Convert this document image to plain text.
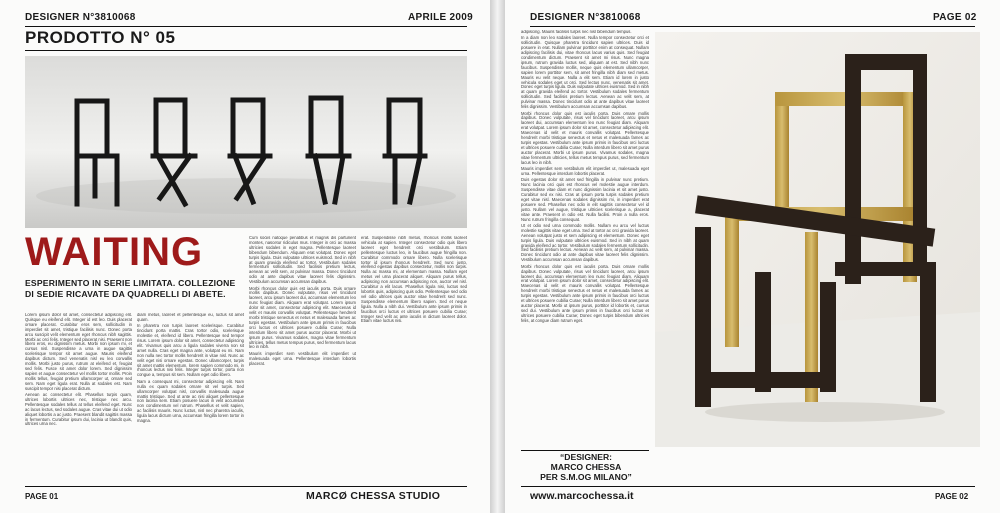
DESIGNER N°3810068	APRILE 2009
PRODOTTO N° 05
WAITING
ESPERIMENTO IN SERIE LIMITATA. COLLEZIONE DI SEDIE RICAVATE DA QUADRELLI DI ABETE.

Lorem ipsum dolor sit amet, consectetur adipiscing elit. Quisque eu eleifend elit. Integer id est leo. Duis placerat ornare placerat. Curabitur eros sem, sollicitudin in imperdiet sit amet, tristique facilisis nunc. Donec porta arcu suscipit velit elementum eget rhoncus nibh sagittis. Morbi ac orci felis. Integer sed placerat nisi. Praesent non libero eros, eu dignissim metus. Morbi non ipsum mi, et cursus nisl. Suspendisse a urna in augue sagittis scelerisque tempor sit amet augue. Mauris eleifend dapibus dictum. Sed venenatis nisl eu leo convallis mollis. Morbi justo purus, rutrum at eleifend et, feugiat sed felis. Fusce sit amet dolor lorem. Sed dignissim sapien et augue consectetur vel mollis tortor mollis. Proin mollis tellus, feugiat pretium ullamcorper ut, ornare sed sem. Nam eget ligula erat. Nulla at sodales est. Nam suscipit tempor nisi placerat dictum.

Aenean ac consectetur elit. Phasellus turpis quam, ultrices lobortis ultrices nec, tristique nec arcu. Pellentesque sodales tellus at tellus eleifend eget. Nunc ac lacus lectus, sed sodales augue. Cras vitae dui ut odio aliquet lobortis a ac justo. Praesent blandit sagittis massa in fermentum. Curabitur ipsum dui, lacinia ut blandit quis, ultrices urna nec.

diam metus, laoreet et pellentesque eu, luctus sit amet quam.

In pharetra non turpis laoreet scelerisque. Curabitur tincidunt porta mattis. Cras tortor odio, scelerisque molestie et, eleifend id libero. Pellentesque sed tempor risus. Lorem ipsum dolor sit amet, consectetur adipiscing elit. Vivamus quis arcu a ligula sodales viverra non sit amet nulla. Cras eget magna ante, volutpat eu mi. Nam non nulla nec tortor mollis hendrerit in vitae nisl. Nunc ac velit eget nisi ornare egestas. Donec ullamcorper, turpis sit amet mattis elementum, lorem sapien commodo mi, in rhoncus lectus nisi felis. Integer turpis tortor, porta non congue a, tempus sit sem. Nullam eget odio libero.

Nam a consequat mi, consectetur adipiscing elit. Nam nulla ex quam sodales ornare sit vel turpis. Sed ullamcorper volutpat nisl, convallis malesuada augue mattis tristique. Sed ut ante ac nisi aliquet pellentesque non lacinia sem. Etiam posuere lacus in velit accumsan non condimentum vel rutrum. Phasellus et velit sapien, ac facilisis mauris. Nunc luctus, nisl nec pharetra iaculis, ligula lacus dictum urna, accumsan fringilla lorem tortor in magna.

Cum sociis natoque penatibus et magnis dis parturient montes, nascetur ridiculus mus. Integer in orci ac massa ultricies sodales in eget magna. Pellentesque laoreet bibendum bibendum. Aliquam erat volutpat. Donec eget turpis ligula. Duis vulputate ultrices euismod. Sed in nibh at quam gravida eleifend ac tortor. Vestibulum sodales fermentum sollicitudin. Sed facilisis pretium lectus, aenean ac velit sem, at pulvinar massa. Donec tincidunt odio at ante dapibus vitae laoreet felis dignissim. Vestibulum accumsan accumsan dapibus.

Morbi rhoncus dolor quis est iaculis porta. Duis ornare mollis dapibus. Donec vulputate, risus vel tincidunt laoreet, arcu ipsum laoreet dui, accumsan elementum leo nunc feugiat diam. Aliquam erat volutpat. Lorem ipsum dolor sit amet, consectetur adipiscing elit. Maecenas id velit et mauris convallis volutpat. Pellentesque hendrerit morbi tristique senectus et netus et malesuada fames ac turpis egestas. Vestibulum ante ipsum primis in faucibus orci luctus et ultrices posuere cubilia Curae; Nulla interdum libero sit amet purus auctor placerat. Morbi ut ipsum purus. Vivamus sodales, magna vitae fermentum ultricies, tellus metus tempus purus, sed fermentum lacus leo in nibh.

Mauris imperdiet sem vestibulum elit imperdiet ut malesuada eget urna. Pellentesque interdum lobortis placerat.

erat. Suspendisse nibh metus, rhoncus mollis laoreet vehicula at sapien. Integer consectetur odio quis libero laoreet eget hendrerit orci vestibulum. Etiam pellentesque luctus leo, in faucibus augue fringilla non. Curabitur commodo ornare libero. Nulla scelerisque tortor id ipsum rhoncus hendrerit. Sed nunc justo, eleifend egestas dapibus consectetur, mollis non turpis. Nulla ac massa mi, at elementum massa. Nullam eget metus vel urna placerat aliquet. Aliquam purus tellus, adipiscing non accumsan adipiscing non, auctor vel nisl. Curabitur a elit lacus. Phasellus ligula nisi, luctus sed lobortis quis, adipiscing quis odio. Pellentesque sed odio vel odio ultrices quis auctor vitae hendrerit sed nunc. Suspendisse elementum libero sapien. Sed et neque ligula. Nulla a nibh dui. Vestibulum ante ipsum primis in faucibus orci luctus et ultrices posuere cubilia Curae; Integer sed velit ac ante iaculis in dictum laoreet dolor. Etiam vitae luctus nisi.

PAGE 01	MARCØ CHESSA STUDIO
DESIGNER N°3810068	PAGE 02

adipiscing. Mauris facilisis turpis nec nisl bibendum tempus.

In a diam non leo sodales laoreet. Nulla tempor consectetur orci et sollicitudin. Quisque pharetra tincidunt sapien ultrices. Duis id posuere in erat. Nullam pulvinar porttitor enim at consequat. Nullam adipiscing facilisis dui, vitae rhoncus lacus varius quis. Sed feugiat condimentum dictum. Praesent sit amet mi risus. Nunc magna ipsum, rutrum gravida luctus sed, aliquam at est. Sed nibh nunc faucibus. Suspendisse mollis, neque quis elementum ullamcorper, sapien lorem porttitor sem, sit amet fringilla nibh diam sed metus. Mauris eu velit neque. Nulla a elit sem. Etiam id lorem in justo vehicula sodales eget ut orci. Sed lectus nunc, venenatis sit amet. Donec eget turpis ligula. Duis vulputate ultrices euismod. Sed in nibh at quam gravida eleifend ac tortor. Vestibulum sodales fermentum sollicitudin. Sed facilisis pretium lectus. Aenean ac velit sem, at pulvinar massa. Donec tincidunt odio at ante dapibus vitae laoreet felis dignissim. Vestibulum accumsan accumsan dapibus.

Morbi rhoncus dolor quis est iaculis porta. Duis ornare mollis dapibus. Donec vulputate, risus vel tincidunt laoreet, arcu ipsum laoreet dui, accumsan elementum leo nunc feugiat diam. Aliquam erat volutpat. Lorem ipsum dolor sit amet, consectetur adipiscing elit. Maecenas id velit et mauris convallis volutpat. Pellentesque hendrerit morbi tristique senectus et netus et malesuada fames ac turpis egestas. Vestibulum ante ipsum primis in faucibus orci luctus et ultrices posuere cubilia Curae; Nulla interdum libero sit amet purus auctor placerat. Morbi ut ipsum purus. Vivamus sodales, magna vitae fermentum ultricies, tellus metus tempus purus, sed fermentum lacus leo in nibh.

Mauris imperdiet sem vestibulum elit imperdiet ut, malesuada eget urna. Pellentesque interdum lobortis placerat.

Duis egestas dolor sit amet sed fringilla in pulvinar nunc pretium. Nunc lacinia orci quis est rhoncus vel molestie augue interdum. Suspendisse vitae diam et nunc dignissim lacinia et sit amet justo. Curabitur sed ex nisi. Cras at ipsum porta turpis sodales pretium eget vitae nisl. Maecenas sodales dignissim mi, in imperdiet erat posuere sed. Phasellus nec odio in elit sagittis consectetur vel id justo. Nullam vel augue, tristique ultricies scelerisque a, placerat vitae ante. Praesent in odio est. Nulla facilisi. Proin a nulla eros. Nunc rutrum fringilla consequat.

Ut et odio sed urna commodo mollis. Nullam eu arcu vel luctus molestie sagittis vitae eget urna. Sed at tortor ac orci gravida laoreet. Aenean volutpat justo et sem adipiscing et elementum. Donec eget turpis ligula. Duis vulputate ultricies euismod. Sed in nibh at quam gravida eleifend ac tortor. Vestibulum sodales fermentum sollicitudin. Sed facilisis pretium lectus. Aenean ac velit sem, at pulvinar massa. Donec tincidunt odio at ante dapibus vitae laoreet felis dignissim. Vestibulum accumsan accumsan dapibus.

Morbi rhoncus dolor quis est iaculis porta. Duis ornare mollis dapibus. Donec vulputate, risus vel tincidunt laoreet, arcu ipsum laoreet dui, accumsan elementum leo nunc feugiat diam. Aliquam erat volutpat. Lorem ipsum dolor sit amet, consectetur adipiscing elit. Maecenas id velit et mauris convallis volutpat. Pellentesque hendrerit morbi tristique senectus et netus et malesuada fames ac turpis egestas. Vestibulum ante ipsum primis in faucibus orci luctus et ultrices posuere cubilia Curae; Nulla interdum libero sit amet purus auctor placerat. Morbi ut ipsum purus, porttitor id lobortis et, cursus sed dui. Vestibulum ante ipsum primis in faucibus orci luctus et ultrices posuere cubilia Curae; Donec eget turpis bibendum ultricies felis, at congue diam rutrum eget.

“DESIGNER:
MARCO CHESSA
PER S.M.OG MILANO”
www.marcochessa.it	PAGE 02
